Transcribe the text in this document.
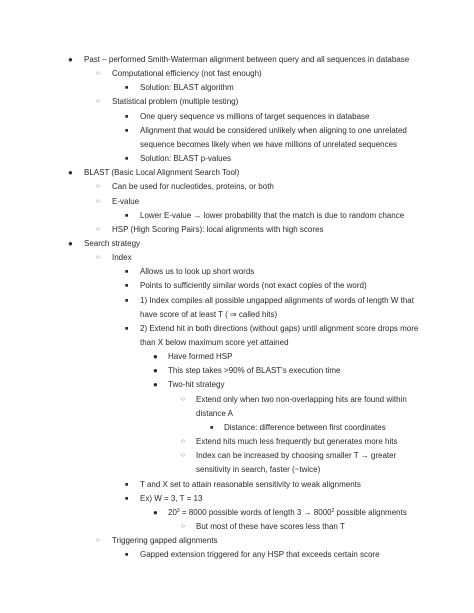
● Past – performed Smith-Waterman alignment between query and all sequences in database
○ Computational efficiency (not fast enough)
■ Solution: BLAST algorithm
○ Statistical problem (multiple testing)
■ One query sequence vs millions of target sequences in database
■ Alignment that would be considered unlikely when aligning to one unrelated
sequence becomes likely when we have millions of unrelated sequences
■ Solution: BLAST p-values
● BLAST (Basic Local Alignment Search Tool)
○ Can be used for nucleotides, proteins, or both
○ E-value
■ Lower E-value → lower probability that the match is due to random chance
○ HSP (High Scoring Pairs): local alignments with high scores
● Search strategy
○ Index
■ Allows us to look up short words
■ Points to sufficiently similar words (not exact copies of the word)
■ 1) Index compiles all possible ungapped alignments of words of length W that
have score of at least T ( ⇒ called hits)
■ 2) Extend hit in both directions (without gaps) until alignment score drops more
than X below maximum score yet attained
● Have formed HSP
● This step takes >90% of BLAST's execution time
● Two-hit strategy
○ Extend only when two non-overlapping hits are found within
distance A
■ Distance: difference between first coordinates
○ Extend hits much less frequently but generates more hits
○ Index can be increased by choosing smaller T → greater
sensitivity in search, faster (~twice)
■ T and X set to attain reasonable sensitivity to weak alignments
■ Ex) W = 3, T = 13
● $20^3 = 8000$ possible words of length $3 \to 8000^2$ possible alignments
○ But most of these have scores less than T
○ Triggering gapped alignments
■ Gapped extension triggered for any HSP that exceeds certain score
